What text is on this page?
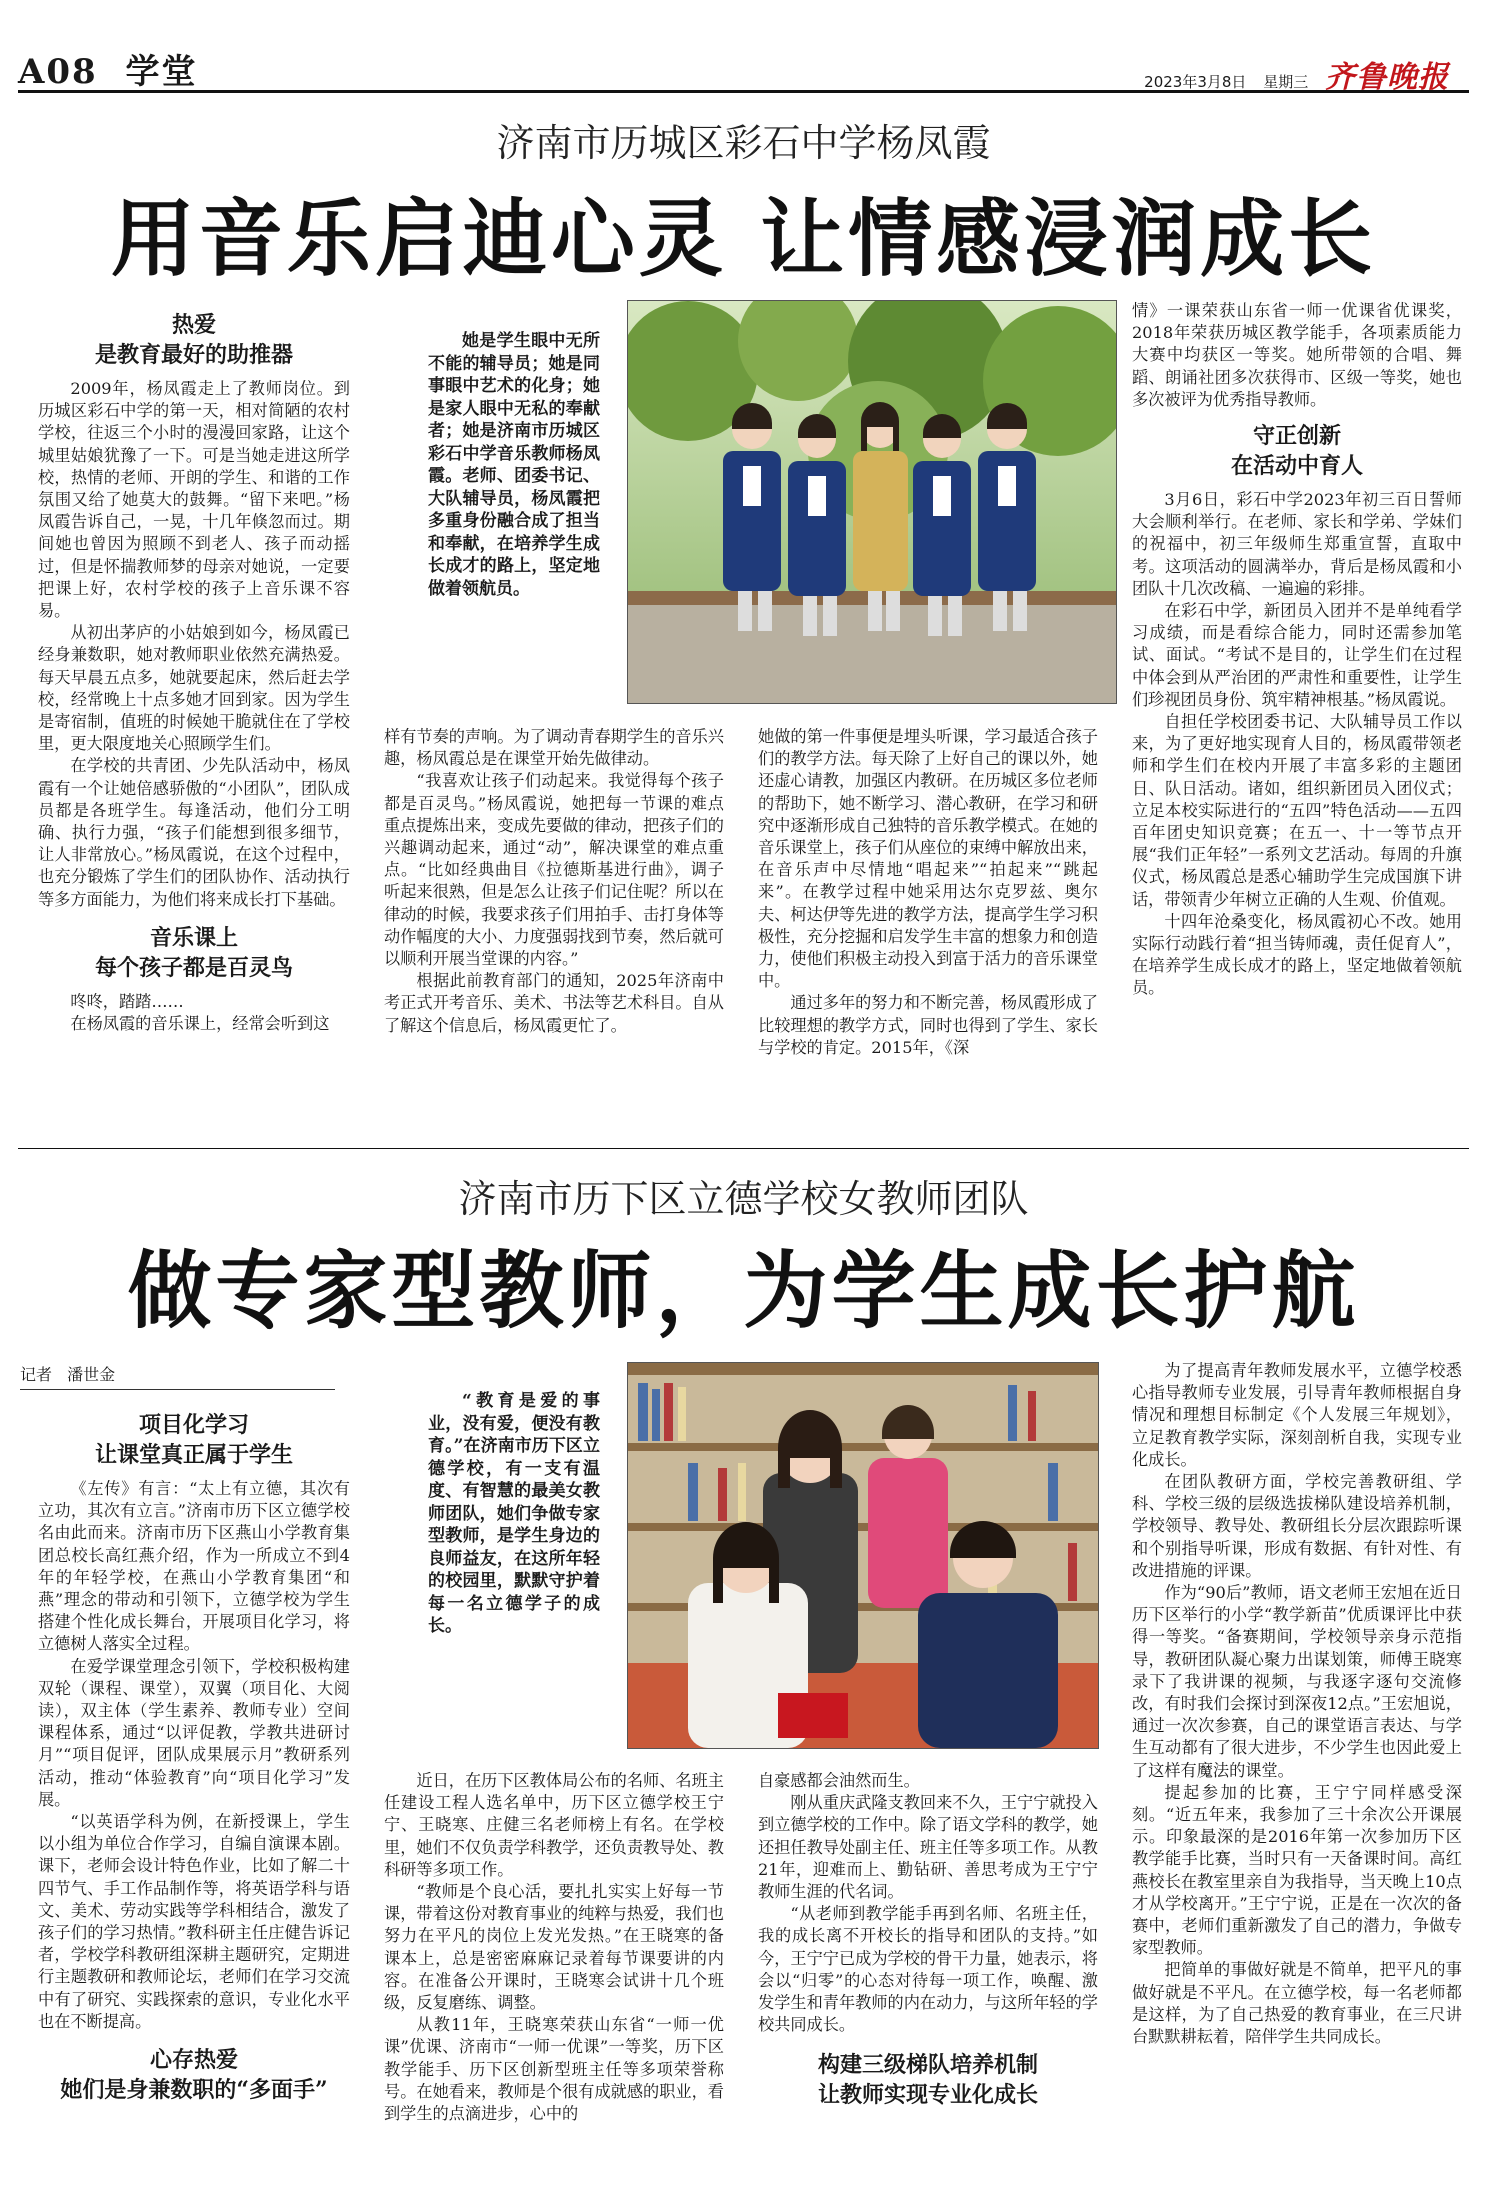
A08 学堂	2023年3月8日 星期三 齐鲁晚报
济南市历城区彩石中学杨凤霞
用音乐启迪心灵 让情感浸润成长
热爱
是教育最好的助推器

2009年，杨凤霞走上了教师岗位。到历城区彩石中学的第一天，相对简陋的农村学校，往返三个小时的漫漫回家路，让这个城里姑娘犹豫了一下。可是当她走进这所学校，热情的老师、开朗的学生、和谐的工作氛围又给了她莫大的鼓舞。“留下来吧。”杨凤霞告诉自己，一晃，十几年倏忽而过。期间她也曾因为照顾不到老人、孩子而动摇过，但是怀揣教师梦的母亲对她说，一定要把课上好，农村学校的孩子上音乐课不容易。

从初出茅庐的小姑娘到如今，杨凤霞已经身兼数职，她对教师职业依然充满热爱。每天早晨五点多，她就要起床，然后赶去学校，经常晚上十点多她才回到家。因为学生是寄宿制，值班的时候她干脆就住在了学校里，更大限度地关心照顾学生们。

在学校的共青团、少先队活动中，杨凤霞有一个让她倍感骄傲的“小团队”，团队成员都是各班学生。每逢活动，他们分工明确、执行力强，“孩子们能想到很多细节，让人非常放心。”杨凤霞说，在这个过程中，也充分锻炼了学生们的团队协作、活动执行等多方面能力，为他们将来成长打下基础。

音乐课上
每个孩子都是百灵鸟

咚咚，踏踏……

在杨凤霞的音乐课上，经常会听到这

她是学生眼中无所不能的辅导员；她是同事眼中艺术的化身；她是家人眼中无私的奉献者；她是济南市历城区彩石中学音乐教师杨凤霞。老师、团委书记、大队辅导员，杨凤霞把多重身份融合成了担当和奉献，在培养学生成长成才的路上，坚定地做着领航员。

样有节奏的声响。为了调动青春期学生的音乐兴趣，杨凤霞总是在课堂开始先做律动。

“我喜欢让孩子们动起来。我觉得每个孩子都是百灵鸟。”杨凤霞说，她把每一节课的难点重点提炼出来，变成先要做的律动，把孩子们的兴趣调动起来，通过“动”，解决课堂的难点重点。“比如经典曲目《拉德斯基进行曲》，调子听起来很熟，但是怎么让孩子们记住呢？所以在律动的时候，我要求孩子们用拍手、击打身体等动作幅度的大小、力度强弱找到节奏，然后就可以顺利开展当堂课的内容。”

根据此前教育部门的通知，2025年济南中考正式开考音乐、美术、书法等艺术科目。自从了解这个信息后，杨凤霞更忙了。

她做的第一件事便是埋头听课，学习最适合孩子们的教学方法。每天除了上好自己的课以外，她还虚心请教，加强区内教研。在历城区多位老师的帮助下，她不断学习、潜心教研，在学习和研究中逐渐形成自己独特的音乐教学模式。在她的音乐课堂上，孩子们从座位的束缚中解放出来，在音乐声中尽情地“唱起来”“拍起来”“跳起来”。在教学过程中她采用达尔克罗兹、奥尔夫、柯达伊等先进的教学方法，提高学生学习积极性，充分挖掘和启发学生丰富的想象力和创造力，使他们积极主动投入到富于活力的音乐课堂中。

通过多年的努力和不断完善，杨凤霞形成了比较理想的教学方式，同时也得到了学生、家长与学校的肯定。2015年，《深

情》一课荣获山东省一师一优课省优课奖，2018年荣获历城区教学能手，各项素质能力大赛中均获区一等奖。她所带领的合唱、舞蹈、朗诵社团多次获得市、区级一等奖，她也多次被评为优秀指导教师。

守正创新
在活动中育人

3月6日，彩石中学2023年初三百日誓师大会顺利举行。在老师、家长和学弟、学妹们的祝福中，初三年级师生郑重宣誓，直取中考。这项活动的圆满举办，背后是杨凤霞和小团队十几次改稿、一遍遍的彩排。

在彩石中学，新团员入团并不是单纯看学习成绩，而是看综合能力，同时还需参加笔试、面试。“考试不是目的，让学生们在过程中体会到从严治团的严肃性和重要性，让学生们珍视团员身份、筑牢精神根基。”杨凤霞说。

自担任学校团委书记、大队辅导员工作以来，为了更好地实现育人目的，杨凤霞带领老师和学生们在校内开展了丰富多彩的主题团日、队日活动。诸如，组织新团员入团仪式；立足本校实际进行的“五四”特色活动——五四百年团史知识竞赛；在五一、十一等节点开展“我们正年轻”一系列文艺活动。每周的升旗仪式，杨凤霞总是悉心辅助学生完成国旗下讲话，带领青少年树立正确的人生观、价值观。

十四年沧桑变化，杨凤霞初心不改。她用实际行动践行着“担当铸师魂，责任促育人”，在培养学生成长成才的路上，坚定地做着领航员。

济南市历下区立德学校女教师团队
做专家型教师，为学生成长护航
记者 潘世金
项目化学习
让课堂真正属于学生

《左传》有言：“太上有立德，其次有立功，其次有立言。”济南市历下区立德学校名由此而来。济南市历下区燕山小学教育集团总校长高红燕介绍，作为一所成立不到4年的年轻学校，在燕山小学教育集团“和燕”理念的带动和引领下，立德学校为学生搭建个性化成长舞台，开展项目化学习，将立德树人落实全过程。

在爱学课堂理念引领下，学校积极构建双轮（课程、课堂），双翼（项目化、大阅读），双主体（学生素养、教师专业）空间课程体系，通过“以评促教，学教共进研讨月”“项目促评，团队成果展示月”教研系列活动，推动“体验教育”向“项目化学习”发展。

“以英语学科为例，在新授课上，学生以小组为单位合作学习，自编自演课本剧。课下，老师会设计特色作业，比如了解二十四节气、手工作品制作等，将英语学科与语文、美术、劳动实践等学科相结合，激发了孩子们的学习热情。”教科研主任庄健告诉记者，学校学科教研组深耕主题研究，定期进行主题教研和教师论坛，老师们在学习交流中有了研究、实践探索的意识，专业化水平也在不断提高。

心存热爱
她们是身兼数职的“多面手”
“教育是爱的事业，没有爱，便没有教育。”在济南市历下区立德学校，有一支有温度、有智慧的最美女教师团队，她们争做专家型教师，是学生身边的良师益友，在这所年轻的校园里，默默守护着每一名立德学子的成长。

近日，在历下区教体局公布的名师、名班主任建设工程人选名单中，历下区立德学校王宁宁、王晓寒、庄健三名老师榜上有名。在学校里，她们不仅负责学科教学，还负责教导处、教科研等多项工作。

“教师是个良心活，要扎扎实实上好每一节课，带着这份对教育事业的纯粹与热爱，我们也努力在平凡的岗位上发光发热。”在王晓寒的备课本上，总是密密麻麻记录着每节课要讲的内容。在准备公开课时，王晓寒会试讲十几个班级，反复磨练、调整。

从教11年，王晓寒荣获山东省“一师一优课”优课、济南市“一师一优课”一等奖，历下区教学能手、历下区创新型班主任等多项荣誉称号。在她看来，教师是个很有成就感的职业，看到学生的点滴进步，心中的

自豪感都会油然而生。

刚从重庆武隆支教回来不久，王宁宁就投入到立德学校的工作中。除了语文学科的教学，她还担任教导处副主任、班主任等多项工作。从教21年，迎难而上、勤钻研、善思考成为王宁宁教师生涯的代名词。

“从老师到教学能手再到名师、名班主任，我的成长离不开校长的指导和团队的支持。”如今，王宁宁已成为学校的骨干力量，她表示，将会以“归零”的心态对待每一项工作，唤醒、激发学生和青年教师的内在动力，与这所年轻的学校共同成长。

构建三级梯队培养机制
让教师实现专业化成长

为了提高青年教师发展水平，立德学校悉心指导教师专业发展，引导青年教师根据自身情况和理想目标制定《个人发展三年规划》，立足教育教学实际，深刻剖析自我，实现专业化成长。

在团队教研方面，学校完善教研组、学科、学校三级的层级选拔梯队建设培养机制，学校领导、教导处、教研组长分层次跟踪听课和个别指导听课，形成有数据、有针对性、有改进措施的评课。

作为“90后”教师，语文老师王宏旭在近日历下区举行的小学“教学新苗”优质课评比中获得一等奖。“备赛期间，学校领导亲身示范指导，教研团队凝心聚力出谋划策，师傅王晓寒录下了我讲课的视频，与我逐字逐句交流修改，有时我们会探讨到深夜12点。”王宏旭说，通过一次次参赛，自己的课堂语言表达、与学生互动都有了很大进步，不少学生也因此爱上了这样有魔法的课堂。

提起参加的比赛，王宁宁同样感受深刻。“近五年来，我参加了三十余次公开课展示。印象最深的是2016年第一次参加历下区教学能手比赛，当时只有一天备课时间。高红燕校长在教室里亲自为我指导，当天晚上10点才从学校离开。”王宁宁说，正是在一次次的备赛中，老师们重新激发了自己的潜力，争做专家型教师。

把简单的事做好就是不简单，把平凡的事做好就是不平凡。在立德学校，每一名老师都是这样，为了自己热爱的教育事业，在三尺讲台默默耕耘着，陪伴学生共同成长。
